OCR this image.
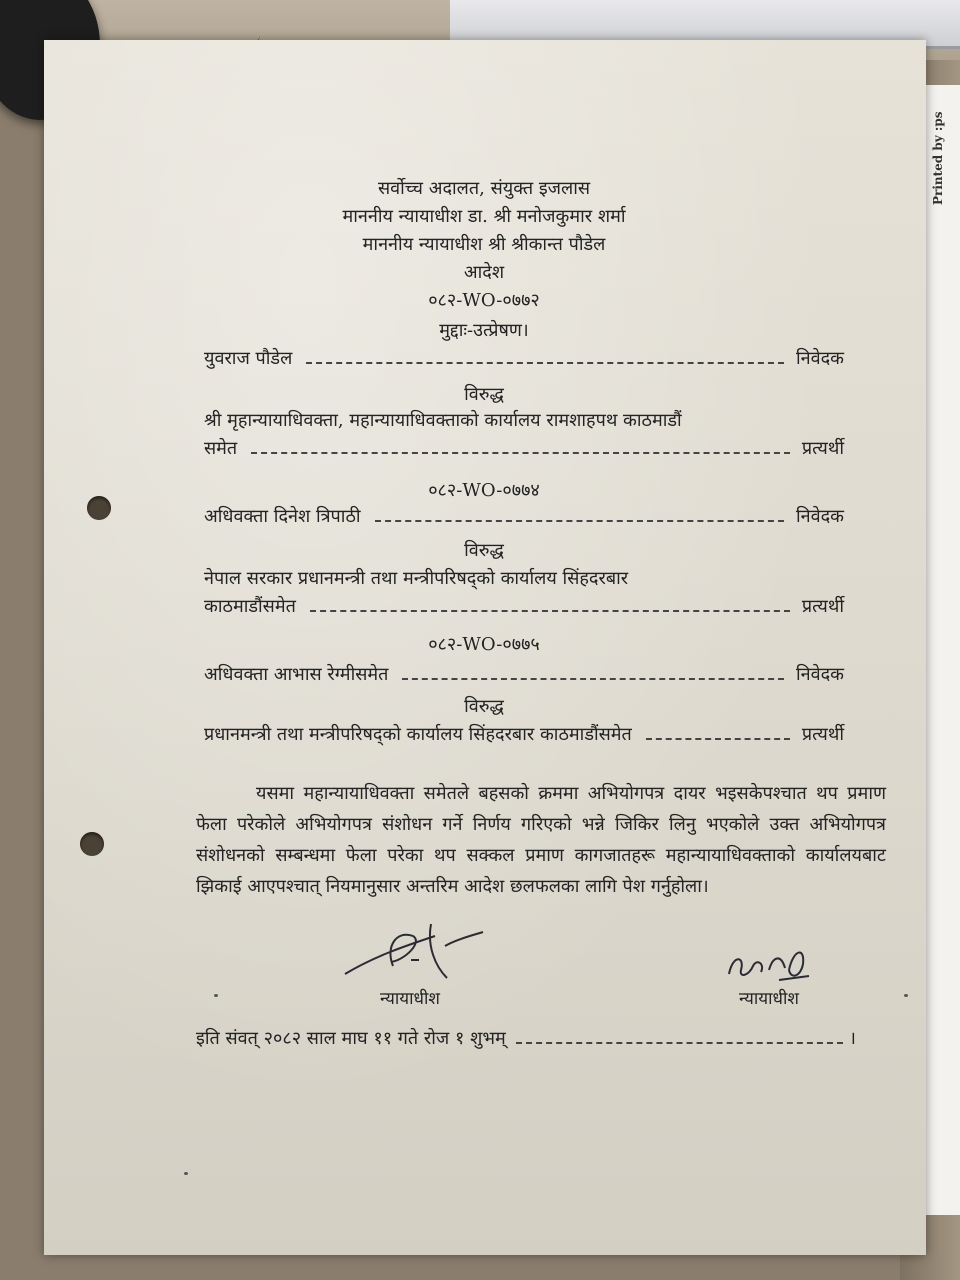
Printed by :ps
सर्वोच्च अदालत, संयुक्त इजलास
माननीय न्यायाधीश डा. श्री मनोजकुमार शर्मा
माननीय न्यायाधीश श्री श्रीकान्त पौडेल
आदेश
०८२-WO-०७७२
मुद्दाः-उत्प्रेषण।
युवराज पौडेल	निवेदक
विरुद्ध
श्री मृहान्यायाधिवक्ता, महान्यायाधिवक्ताको कार्यालय रामशाहपथ काठमाडौं
समेत	प्रत्यर्थी
०८२-WO-०७७४
अधिवक्ता दिनेश त्रिपाठी	निवेदक
विरुद्ध
नेपाल सरकार प्रधानमन्त्री तथा मन्त्रीपरिषद्को कार्यालय सिंहदरबार
काठमाडौंसमेत	प्रत्यर्थी
०८२-WO-०७७५
अधिवक्ता आभास रेग्मीसमेत	निवेदक
विरुद्ध
प्रधानमन्त्री तथा मन्त्रीपरिषद्को कार्यालय सिंहदरबार काठमाडौंसमेत	प्रत्यर्थी
यसमा महान्यायाधिवक्ता समेतले बहसको क्रममा अभियोगपत्र दायर भइसकेपश्चात थप प्रमाण फेला परेकोले अभियोगपत्र संशोधन गर्ने निर्णय गरिएको भन्ने जिकिर लिनु भएकोले उक्त अभियोगपत्र संशोधनको सम्बन्धमा फेला परेका थप सक्कल प्रमाण कागजातहरू महान्यायाधिवक्ताको कार्यालयबाट झिकाई आएपश्चात् नियमानुसार अन्तरिम आदेश छलफलका लागि पेश गर्नुहोला।
न्यायाधीश	न्यायाधीश
इति संवत् २०८२ साल माघ ११ गते रोज १ शुभम्	।
